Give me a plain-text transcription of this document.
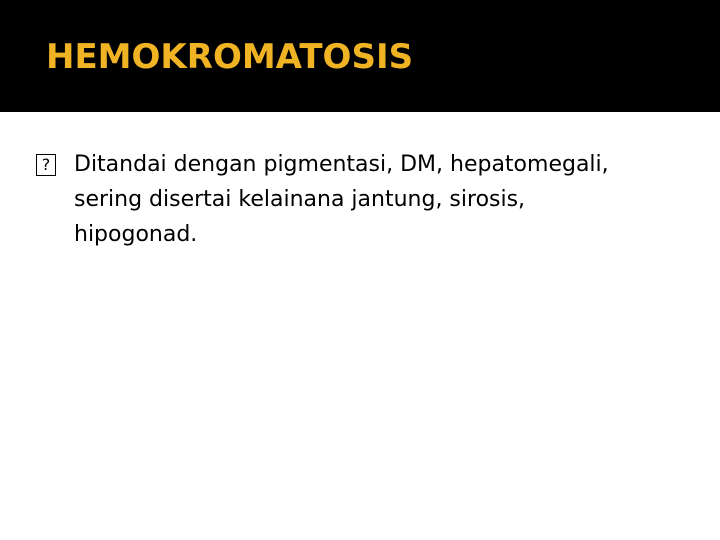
HEMOKROMATOSIS
? Ditandai dengan pigmentasi, DM, hepatomegali, sering disertai kelainana jantung, sirosis, hipogonad.
